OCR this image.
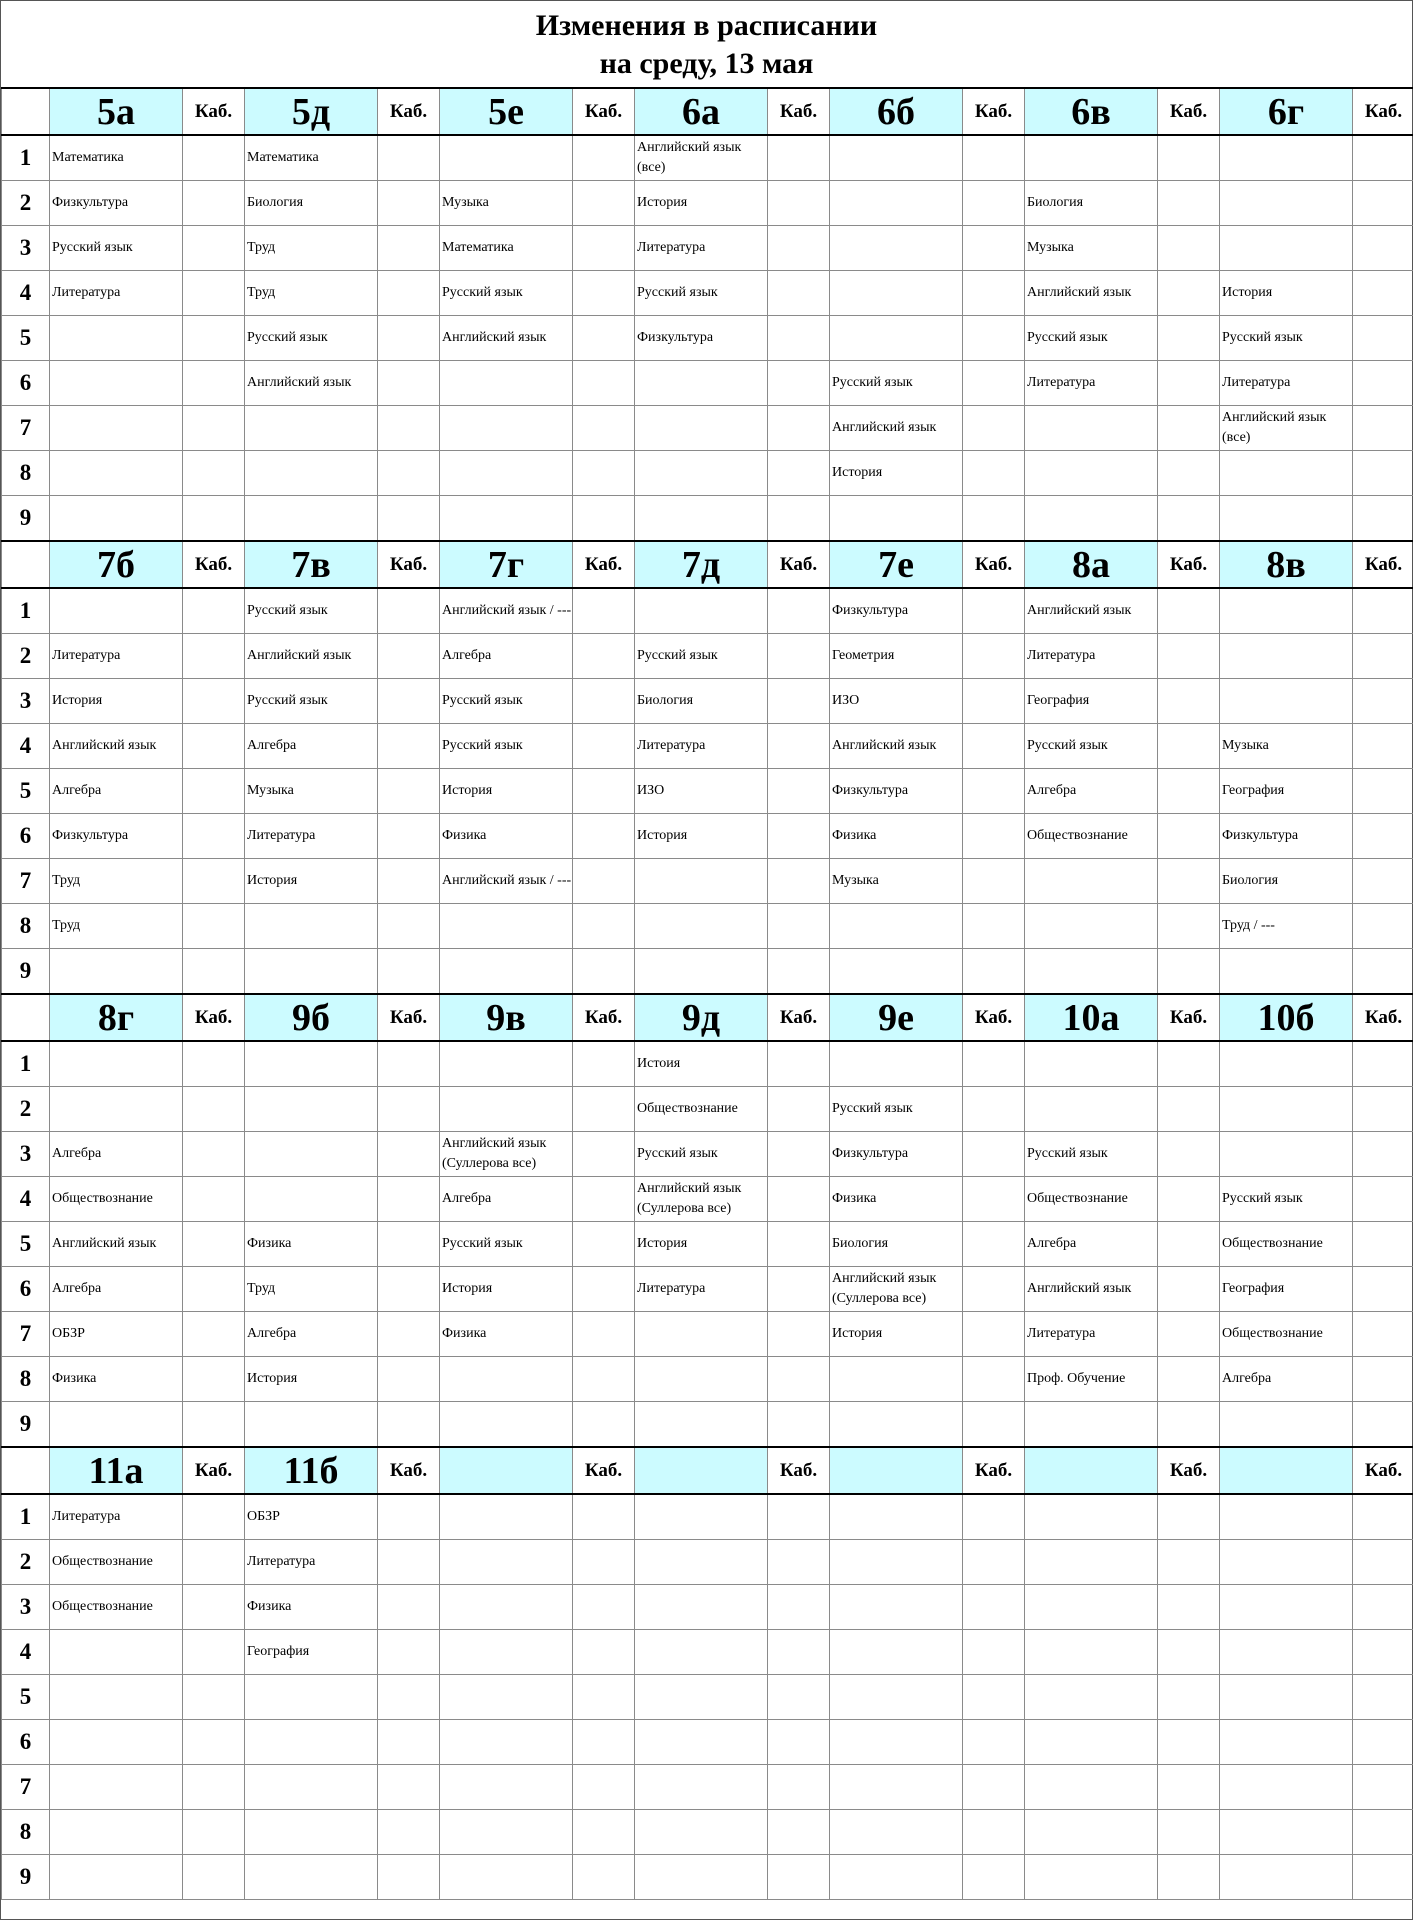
Изменения в расписании
на среду, 13 мая
	5а	Каб.	5д	Каб.	5е	Каб.	6а	Каб.	6б	Каб.	6в	Каб.	6г	Каб.
1	Математика		Математика				Английский язык (все)							
2	Физкультура		Биология		Музыка		История				Биология			
3	Русский язык		Труд		Математика		Литература				Музыка			
4	Литература		Труд		Русский язык		Русский язык				Английский язык		История	
5			Русский язык		Английский язык		Физкультура				Русский язык		Русский язык	
6			Английский язык						Русский язык		Литература		Литература	
7									Английский язык				Английский язык (все)	
8									История					
9														
	7б	Каб.	7в	Каб.	7г	Каб.	7д	Каб.	7е	Каб.	8а	Каб.	8в	Каб.
1			Русский язык		Английский язык / ---				Физкультура		Английский язык			
2	Литература		Английский язык		Алгебра		Русский язык		Геометрия		Литература			
3	История		Русский язык		Русский язык		Биология		ИЗО		География			
4	Английский язык		Алгебра		Русский язык		Литература		Английский язык		Русский язык		Музыка	
5	Алгебра		Музыка		История		ИЗО		Физкультура		Алгебра		География	
6	Физкультура		Литература		Физика		История		Физика		Обществознание		Физкультура	
7	Труд		История		Английский язык / ---				Музыка				Биология	
8	Труд												Труд / ---	
9														
	8г	Каб.	9б	Каб.	9в	Каб.	9д	Каб.	9е	Каб.	10а	Каб.	10б	Каб.
1							Истоия							
2							Обществознание		Русский язык					
3	Алгебра				Английский язык (Суллерова все)		Русский язык		Физкультура		Русский язык			
4	Обществознание				Алгебра		Английский язык (Суллерова все)		Физика		Обществознание		Русский язык	
5	Английский язык		Физика		Русский язык		История		Биология		Алгебра		Обществознание	
6	Алгебра		Труд		История		Литература		Английский язык (Суллерова все)		Английский язык		География	
7	ОБЗР		Алгебра		Физика				История		Литература		Обществознание	
8	Физика		История								Проф. Обучение		Алгебра	
9														
	11а	Каб.	11б	Каб.		Каб.		Каб.		Каб.		Каб.		Каб.
1	Литература		ОБЗР											
2	Обществознание		Литература											
3	Обществознание		Физика											
4			География											
5														
6														
7														
8														
9														
